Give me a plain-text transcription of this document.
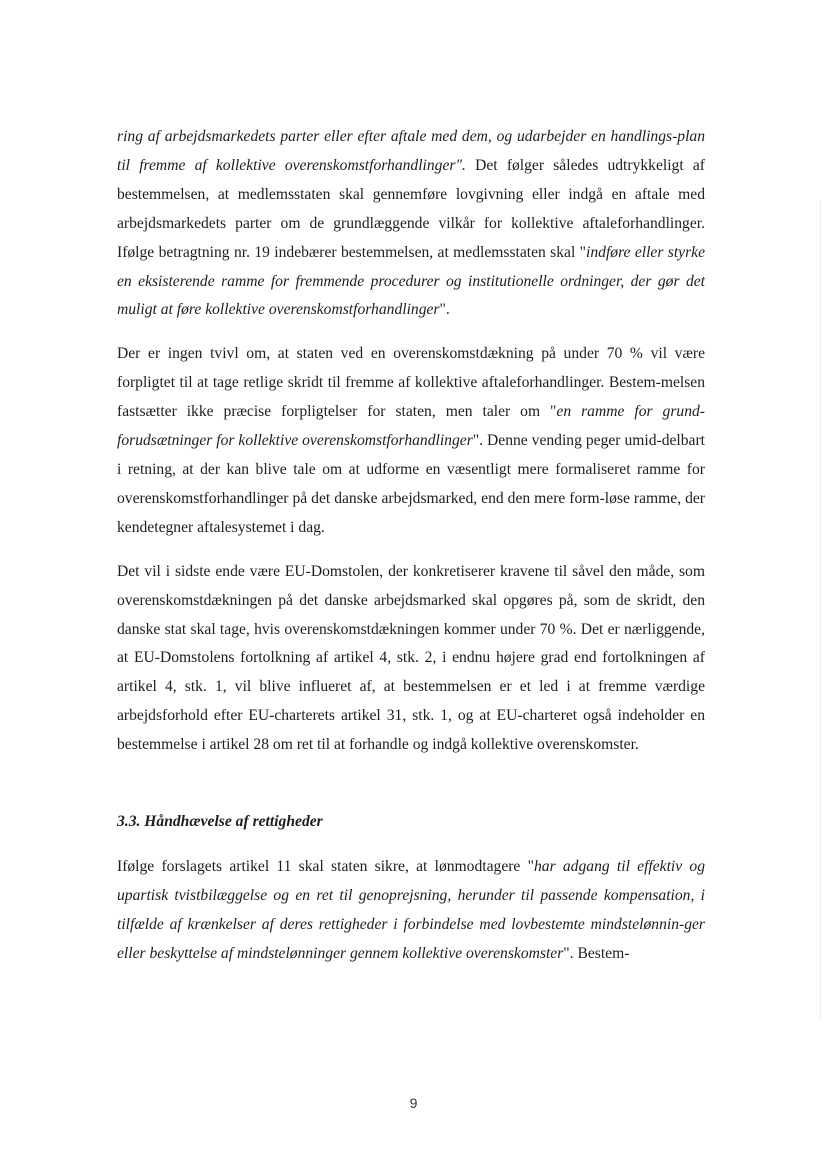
ring af arbejdsmarkedets parter eller efter aftale med dem, og udarbejder en handlings-plan til fremme af kollektive overenskomstforhandlinger". Det følger således udtrykkeligt af bestemmelsen, at medlemsstaten skal gennemføre lovgivning eller indgå en aftale med arbejdsmarkedets parter om de grundlæggende vilkår for kollektive aftaleforhandlinger. Ifølge betragtning nr. 19 indebærer bestemmelsen, at medlemsstaten skal "indføre eller styrke en eksisterende ramme for fremmende procedurer og institutionelle ordninger, der gør det muligt at føre kollektive overenskomstforhandlinger".

Der er ingen tvivl om, at staten ved en overenskomstdækning på under 70 % vil være forpligtet til at tage retlige skridt til fremme af kollektive aftaleforhandlinger. Bestem-melsen fastsætter ikke præcise forpligtelser for staten, men taler om "en ramme for grund-forudsætninger for kollektive overenskomstforhandlinger". Denne vending peger umid-delbart i retning, at der kan blive tale om at udforme en væsentligt mere formaliseret ramme for overenskomstforhandlinger på det danske arbejdsmarked, end den mere form-løse ramme, der kendetegner aftalesystemet i dag.

Det vil i sidste ende være EU-Domstolen, der konkretiserer kravene til såvel den måde, som overenskomstdækningen på det danske arbejdsmarked skal opgøres på, som de skridt, den danske stat skal tage, hvis overenskomstdækningen kommer under 70 %. Det er nærliggende, at EU-Domstolens fortolkning af artikel 4, stk. 2, i endnu højere grad end fortolkningen af artikel 4, stk. 1, vil blive influeret af, at bestemmelsen er et led i at fremme værdige arbejdsforhold efter EU-charterets artikel 31, stk. 1, og at EU-charteret også indeholder en bestemmelse i artikel 28 om ret til at forhandle og indgå kollektive overenskomster.

3.3. Håndhævelse af rettigheder

Ifølge forslagets artikel 11 skal staten sikre, at lønmodtagere "har adgang til effektiv og upartisk tvistbilæggelse og en ret til genoprejsning, herunder til passende kompensation, i tilfælde af krænkelser af deres rettigheder i forbindelse med lovbestemte mindstelønnin-ger eller beskyttelse af mindstelønninger gennem kollektive overenskomster". Bestem-

9
